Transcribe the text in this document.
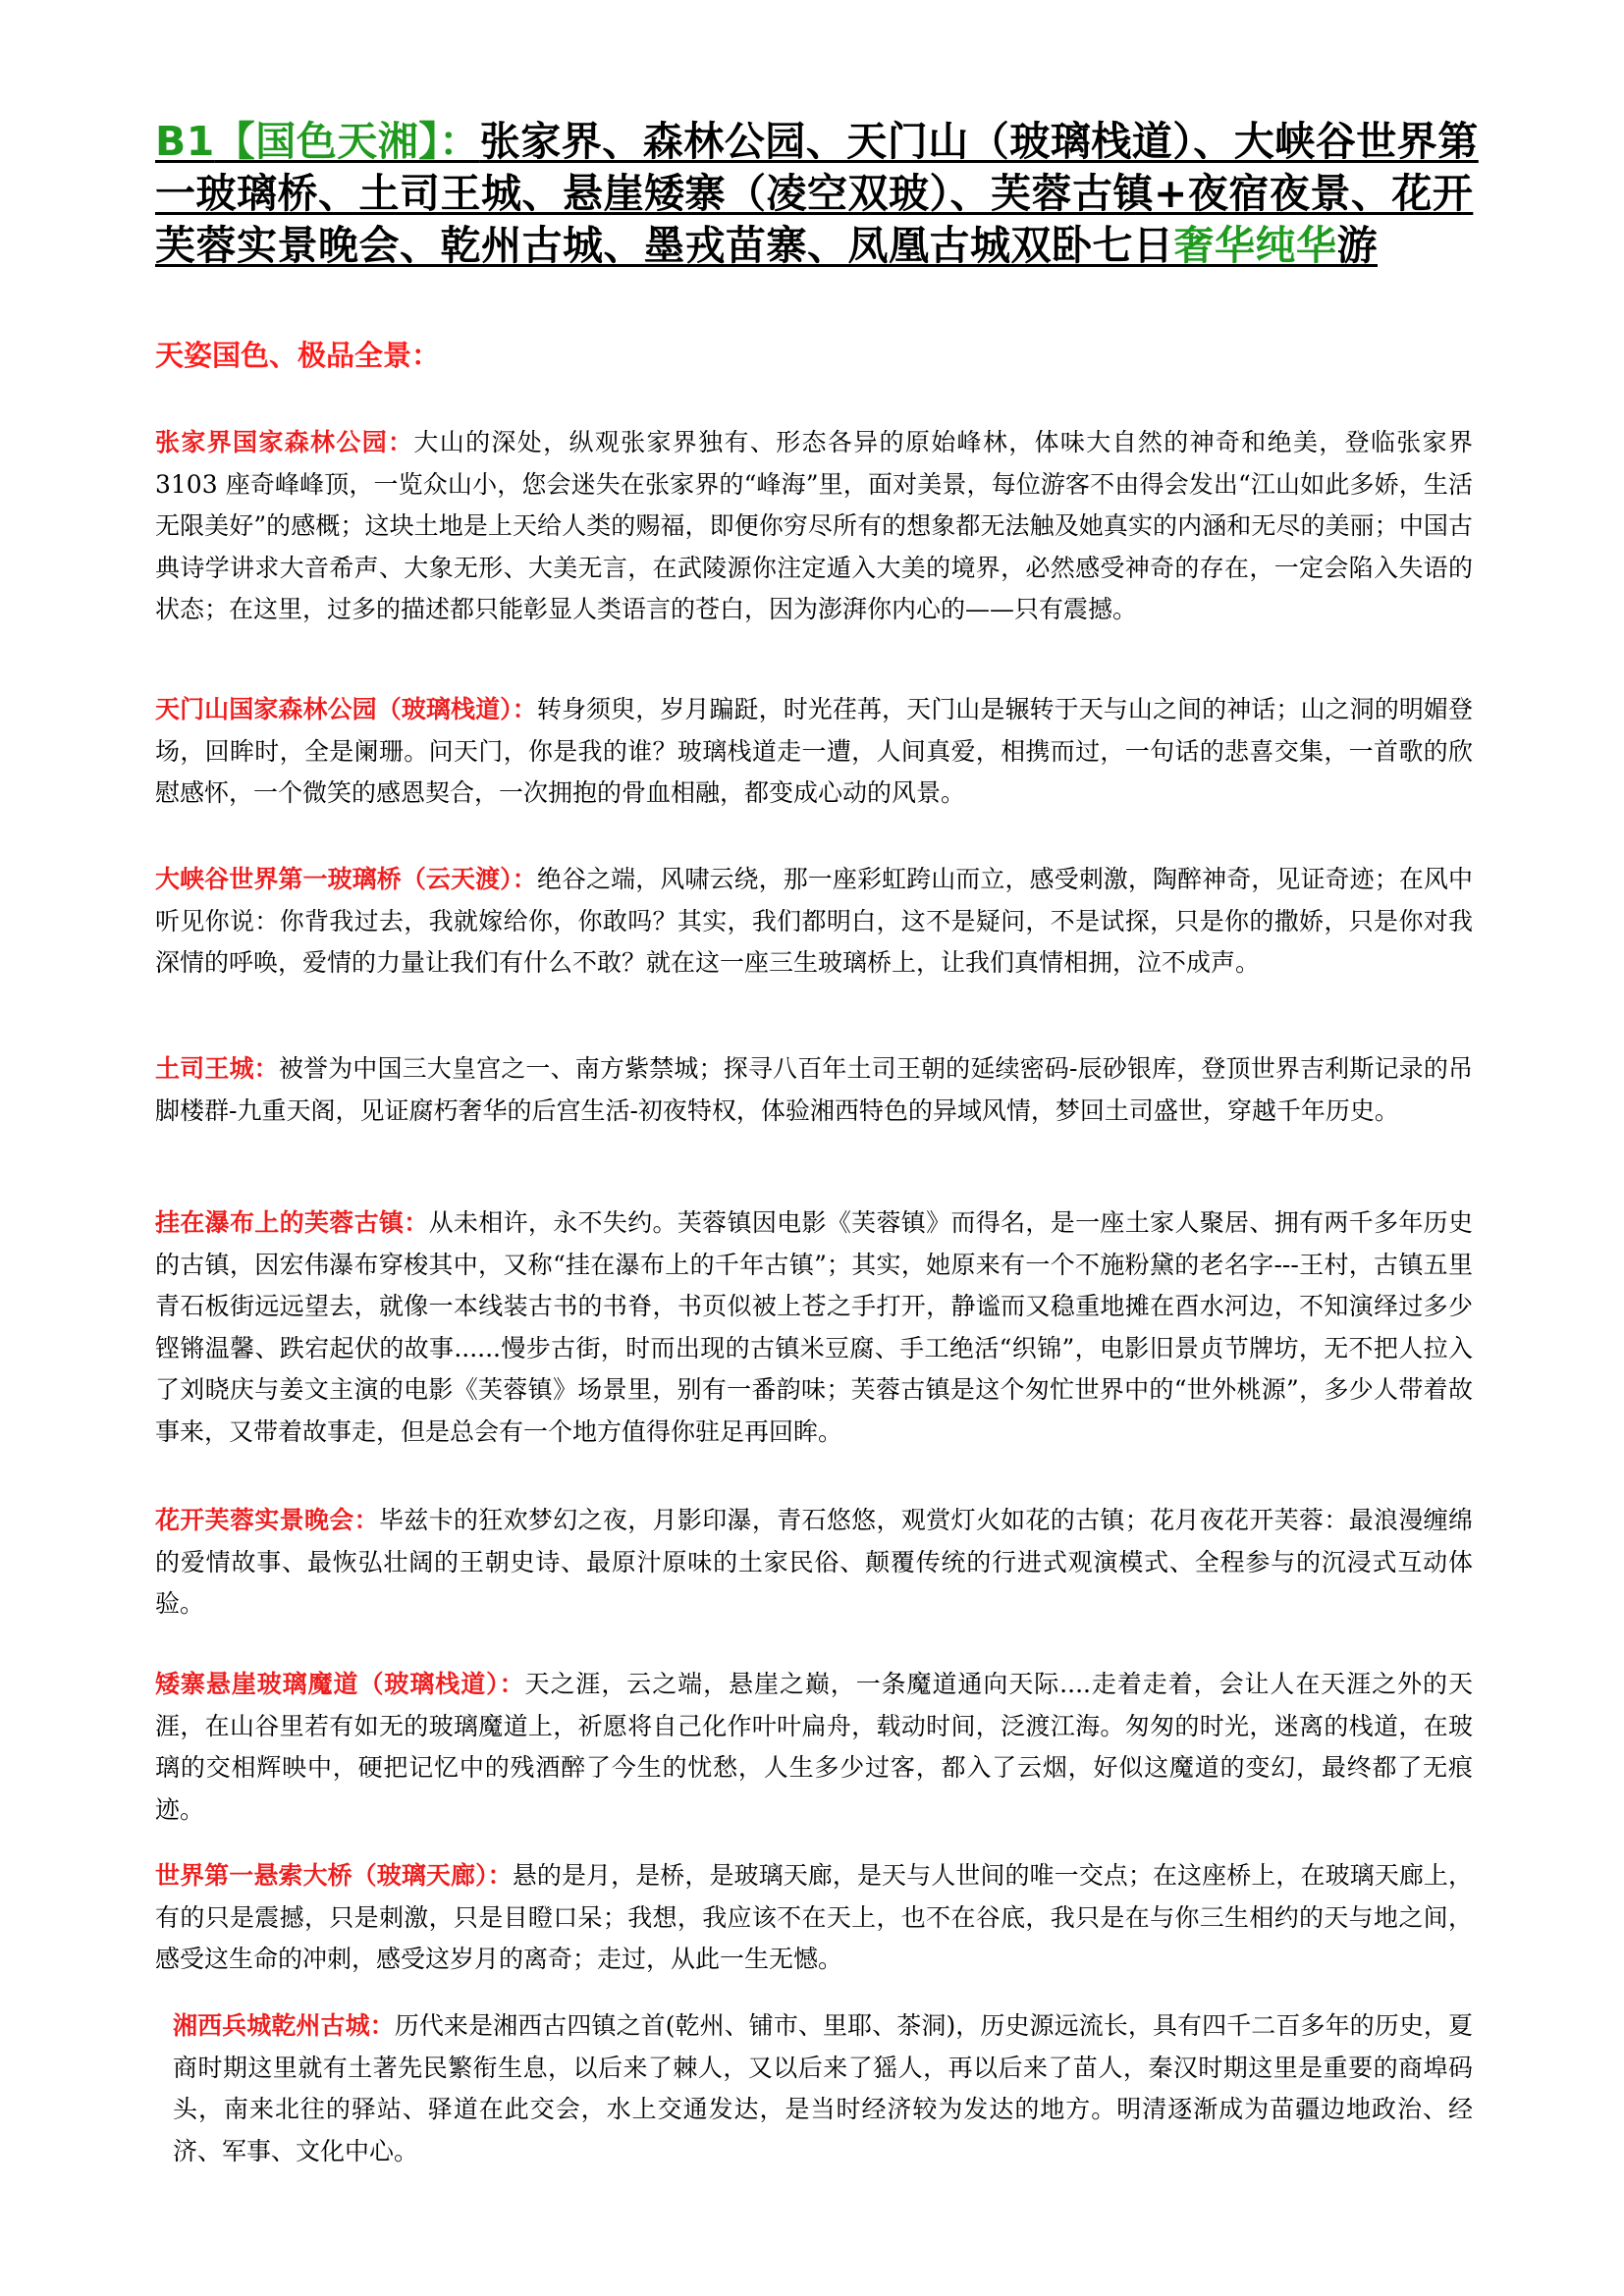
B1【国色天湘】：张家界、森林公园、天门山（玻璃栈道）、大峡谷世界第一玻璃桥、土司王城、悬崖矮寨（凌空双玻）、芙蓉古镇+夜宿夜景、花开芙蓉实景晚会、乾州古城、墨戎苗寨、凤凰古城双卧七日奢华纯华游
天姿国色、极品全景：

张家界国家森林公园：大山的深处，纵观张家界独有、形态各异的原始峰林，体味大自然的神奇和绝美，登临张家界 3103 座奇峰峰顶，一览众山小，您会迷失在张家界的“峰海”里，面对美景，每位游客不由得会发出“江山如此多娇，生活无限美好”的感概；这块土地是上天给人类的赐福，即便你穷尽所有的想象都无法触及她真实的内涵和无尽的美丽；中国古典诗学讲求大音希声、大象无形、大美无言，在武陵源你注定遁入大美的境界，必然感受神奇的存在，一定会陷入失语的状态；在这里，过多的描述都只能彰显人类语言的苍白，因为澎湃你内心的——只有震撼。

天门山国家森林公园（玻璃栈道）：转身须臾，岁月蹁跹，时光荏苒，天门山是辗转于天与山之间的神话；山之洞的明媚登场，回眸时，全是阑珊。问天门，你是我的谁？玻璃栈道走一遭，人间真爱，相携而过，一句话的悲喜交集，一首歌的欣慰感怀，一个微笑的感恩契合，一次拥抱的骨血相融，都变成心动的风景。

大峡谷世界第一玻璃桥（云天渡）：绝谷之端，风啸云绕，那一座彩虹跨山而立，感受刺激，陶醉神奇，见证奇迹；在风中听见你说：你背我过去，我就嫁给你，你敢吗？其实，我们都明白，这不是疑问，不是试探，只是你的撒娇，只是你对我深情的呼唤，爱情的力量让我们有什么不敢？就在这一座三生玻璃桥上，让我们真情相拥，泣不成声。

土司王城：被誉为中国三大皇宫之一、南方紫禁城；探寻八百年土司王朝的延续密码-辰砂银库，登顶世界吉利斯记录的吊脚楼群-九重天阁，见证腐朽奢华的后宫生活-初夜特权，体验湘西特色的异域风情，梦回土司盛世，穿越千年历史。

挂在瀑布上的芙蓉古镇：从未相许，永不失约。芙蓉镇因电影《芙蓉镇》而得名，是一座土家人聚居、拥有两千多年历史的古镇，因宏伟瀑布穿梭其中，又称“挂在瀑布上的千年古镇”；其实，她原来有一个不施粉黛的老名字---王村，古镇五里青石板街远远望去，就像一本线装古书的书脊，书页似被上苍之手打开，静谧而又稳重地摊在酉水河边，不知演绎过多少铿锵温馨、跌宕起伏的故事......慢步古街，时而出现的古镇米豆腐、手工绝活“织锦”，电影旧景贞节牌坊，无不把人拉入了刘晓庆与姜文主演的电影《芙蓉镇》场景里，别有一番韵味；芙蓉古镇是这个匆忙世界中的“世外桃源”，多少人带着故事来，又带着故事走，但是总会有一个地方值得你驻足再回眸。

花开芙蓉实景晚会：毕兹卡的狂欢梦幻之夜，月影印瀑，青石悠悠，观赏灯火如花的古镇；花月夜花开芙蓉：最浪漫缠绵的爱情故事、最恢弘壮阔的王朝史诗、最原汁原味的土家民俗、颠覆传统的行进式观演模式、全程参与的沉浸式互动体验。

矮寨悬崖玻璃魔道（玻璃栈道）：天之涯，云之端，悬崖之巅，一条魔道通向天际....走着走着，会让人在天涯之外的天涯，在山谷里若有如无的玻璃魔道上，祈愿将自己化作叶叶扁舟，载动时间，泛渡江海。匆匆的时光，迷离的栈道，在玻璃的交相辉映中，硬把记忆中的残酒醉了今生的忧愁，人生多少过客，都入了云烟，好似这魔道的变幻，最终都了无痕迹。

世界第一悬索大桥（玻璃天廊）：悬的是月，是桥，是玻璃天廊，是天与人世间的唯一交点；在这座桥上，在玻璃天廊上，有的只是震撼，只是刺激，只是目瞪口呆；我想，我应该不在天上，也不在谷底，我只是在与你三生相约的天与地之间，感受这生命的冲刺，感受这岁月的离奇；走过，从此一生无憾。

湘西兵城乾州古城：历代来是湘西古四镇之首(乾州、铺市、里耶、茶洞)，历史源远流长，具有四千二百多年的历史，夏商时期这里就有土著先民繁衔生息，以后来了棘人，又以后来了猺人，再以后来了苗人，秦汉时期这里是重要的商埠码头，南来北往的驿站、驿道在此交会，水上交通发达，是当时经济较为发达的地方。明清逐渐成为苗疆边地政治、经济、军事、文化中心。
